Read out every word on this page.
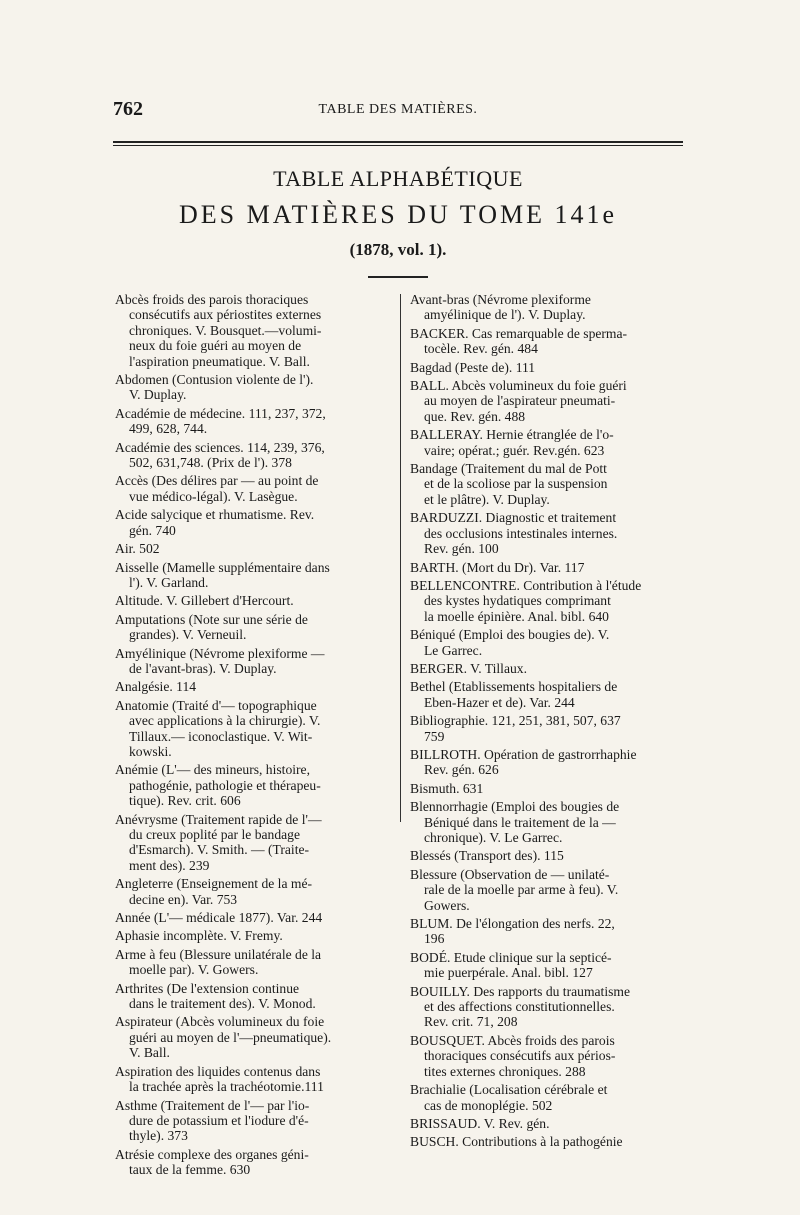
762	TABLE DES MATIÈRES.
TABLE ALPHABÉTIQUE
DES MATIÈRES DU TOME 141e
(1878, vol. 1).

Abcès froids des parois thoraciques

consécutifs aux périostites externes

chroniques. V. Bousquet.—volumi-

neux du foie guéri au moyen de

l'aspiration pneumatique. V. Ball.

Abdomen (Contusion violente de l').

V. Duplay.

Académie de médecine. 111, 237, 372,

499, 628, 744.

Académie des sciences. 114, 239, 376,

502, 631,748. (Prix de l'). 378

Accès (Des délires par — au point de

vue médico-légal). V. Lasègue.

Acide salycique et rhumatisme. Rev.

gén. 740

Air. 502

Aisselle (Mamelle supplémentaire dans

l'). V. Garland.

Altitude. V. Gillebert d'Hercourt.

Amputations (Note sur une série de

grandes). V. Verneuil.

Amyélinique (Névrome plexiforme —

de l'avant-bras). V. Duplay.

Analgésie. 114

Anatomie (Traité d'— topographique

avec applications à la chirurgie). V.

Tillaux.— iconoclastique. V. Wit-

kowski.

Anémie (L'— des mineurs, histoire,

pathogénie, pathologie et thérapeu-

tique). Rev. crit. 606

Anévrysme (Traitement rapide de l'—

du creux poplité par le bandage

d'Esmarch). V. Smith. — (Traite-

ment des). 239

Angleterre (Enseignement de la mé-

decine en). Var. 753

Année (L'— médicale 1877). Var. 244

Aphasie incomplète. V. Fremy.

Arme à feu (Blessure unilatérale de la

moelle par). V. Gowers.

Arthrites (De l'extension continue

dans le traitement des). V. Monod.

Aspirateur (Abcès volumineux du foie

guéri au moyen de l'—pneumatique).

V. Ball.

Aspiration des liquides contenus dans

la trachée après la trachéotomie.111

Asthme (Traitement de l'— par l'io-

dure de potassium et l'iodure d'é-

thyle). 373

Atrésie complexe des organes géni-

taux de la femme. 630

Avant-bras (Névrome plexiforme

amyélinique de l'). V. Duplay.

BACKER. Cas remarquable de sperma-

tocèle. Rev. gén. 484

Bagdad (Peste de). 111

BALL. Abcès volumineux du foie guéri

au moyen de l'aspirateur pneumati-

que. Rev. gén. 488

BALLERAY. Hernie étranglée de l'o-

vaire; opérat.; guér. Rev.gén. 623

Bandage (Traitement du mal de Pott

et de la scoliose par la suspension

et le plâtre). V. Duplay.

BARDUZZI. Diagnostic et traitement

des occlusions intestinales internes.

Rev. gén. 100

BARTH. (Mort du Dr). Var. 117

BELLENCONTRE. Contribution à l'étude

des kystes hydatiques comprimant

la moelle épinière. Anal. bibl. 640

Béniqué (Emploi des bougies de). V.

Le Garrec.

BERGER. V. Tillaux.

Bethel (Etablissements hospitaliers de

Eben-Hazer et de). Var. 244

Bibliographie. 121, 251, 381, 507, 637

759

BILLROTH. Opération de gastrorrhaphie

Rev. gén. 626

Bismuth. 631

Blennorrhagie (Emploi des bougies de

Béniqué dans le traitement de la —

chronique). V. Le Garrec.

Blessés (Transport des). 115

Blessure (Observation de — unilaté-

rale de la moelle par arme à feu). V.

Gowers.

BLUM. De l'élongation des nerfs. 22,

196

BODÉ. Etude clinique sur la septicé-

mie puerpérale. Anal. bibl. 127

BOUILLY. Des rapports du traumatisme

et des affections constitutionnelles.

Rev. crit. 71, 208

BOUSQUET. Abcès froids des parois

thoraciques consécutifs aux périos-

tites externes chroniques. 288

Brachialie (Localisation cérébrale et

cas de monoplégie. 502

BRISSAUD. V. Rev. gén.

BUSCH. Contributions à la pathogénie
